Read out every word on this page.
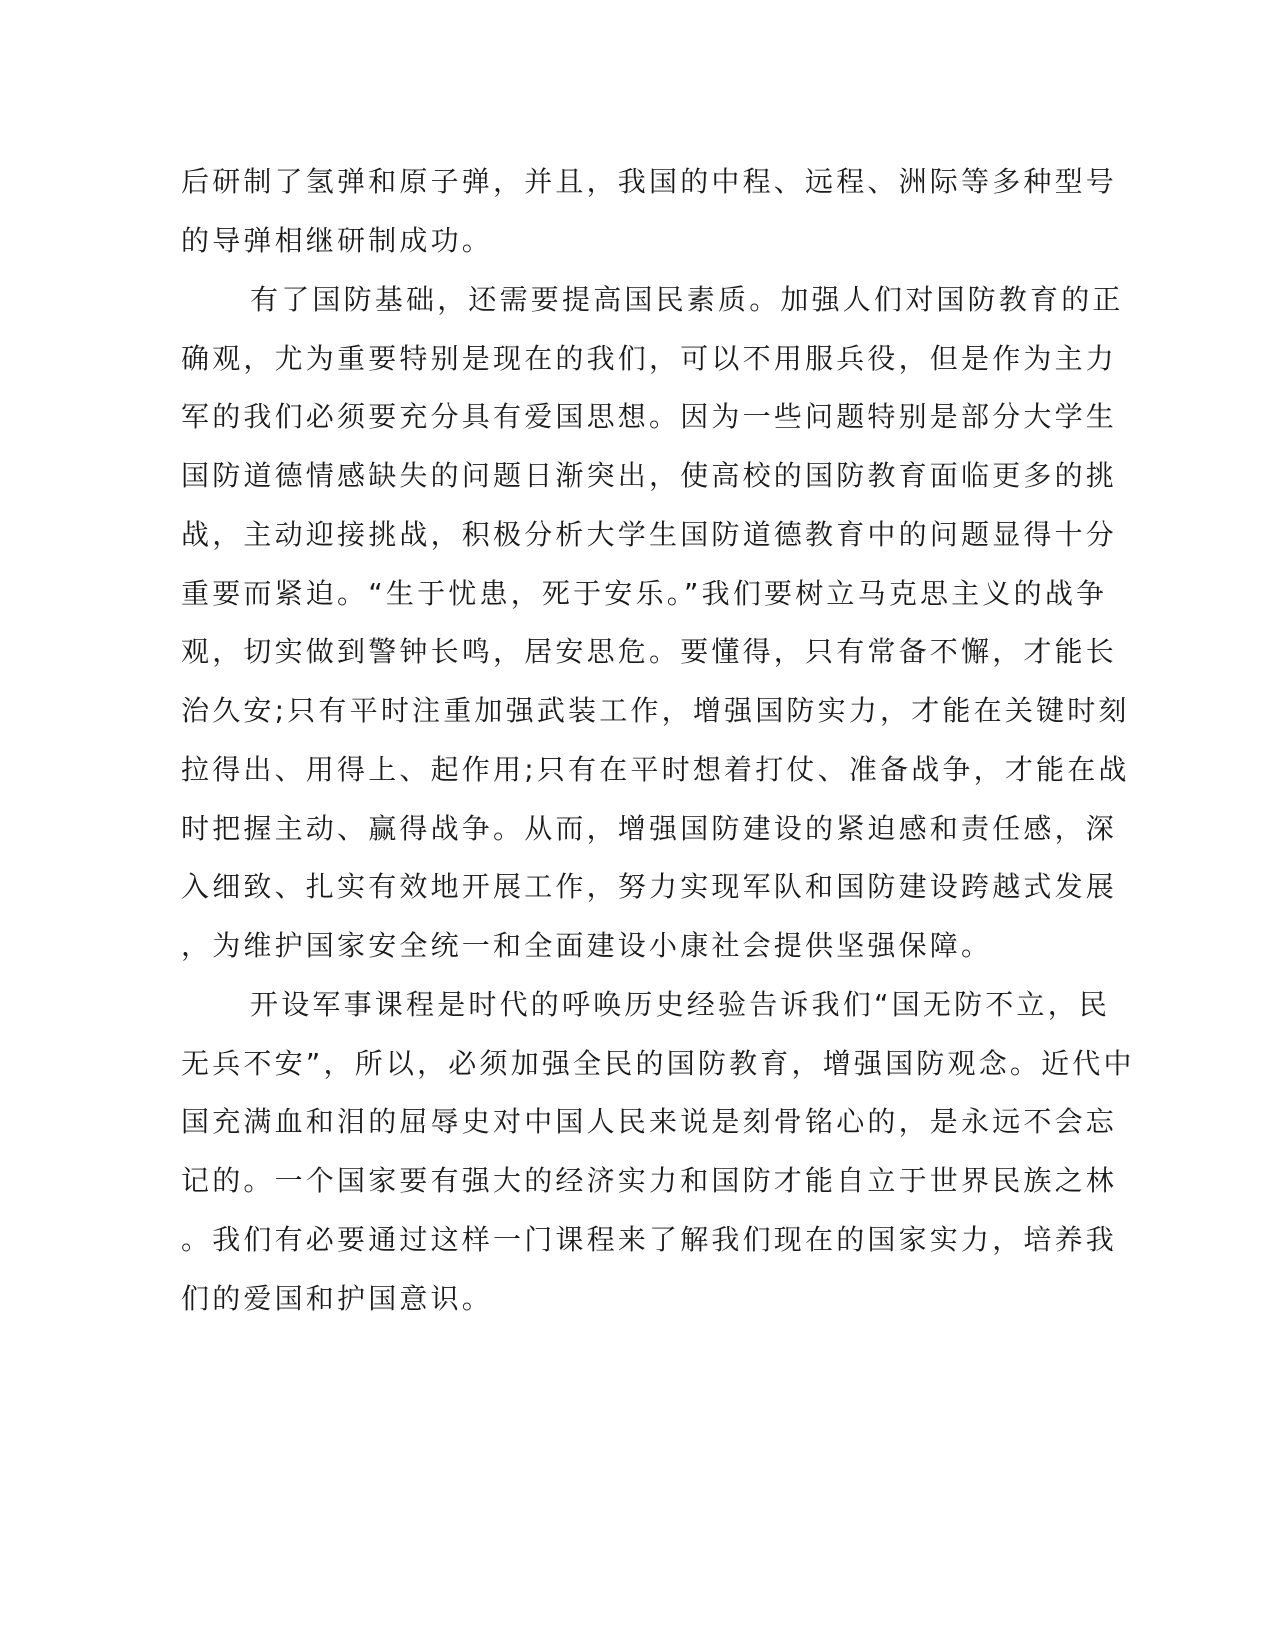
后研制了氢弹和原子弹，并且，我国的中程、远程、洲际等多种型号
的导弹相继研制成功。
有了国防基础，还需要提高国民素质。加强人们对国防教育的正
确观，尤为重要特别是现在的我们，可以不用服兵役，但是作为主力
军的我们必须要充分具有爱国思想。因为一些问题特别是部分大学生
国防道德情感缺失的问题日渐突出，使高校的国防教育面临更多的挑
战，主动迎接挑战，积极分析大学生国防道德教育中的问题显得十分
重要而紧迫。“生于忧患，死于安乐。”我们要树立马克思主义的战争
观，切实做到警钟长鸣，居安思危。要懂得，只有常备不懈，才能长
治久安;只有平时注重加强武装工作，增强国防实力，才能在关键时刻
拉得出、用得上、起作用;只有在平时想着打仗、准备战争，才能在战
时把握主动、赢得战争。从而，增强国防建设的紧迫感和责任感，深
入细致、扎实有效地开展工作，努力实现军队和国防建设跨越式发展
，为维护国家安全统一和全面建设小康社会提供坚强保障。
开设军事课程是时代的呼唤历史经验告诉我们“国无防不立，民
无兵不安”，所以，必须加强全民的国防教育，增强国防观念。近代中
国充满血和泪的屈辱史对中国人民来说是刻骨铭心的，是永远不会忘
记的。一个国家要有强大的经济实力和国防才能自立于世界民族之林
。我们有必要通过这样一门课程来了解我们现在的国家实力，培养我
们的爱国和护国意识。
